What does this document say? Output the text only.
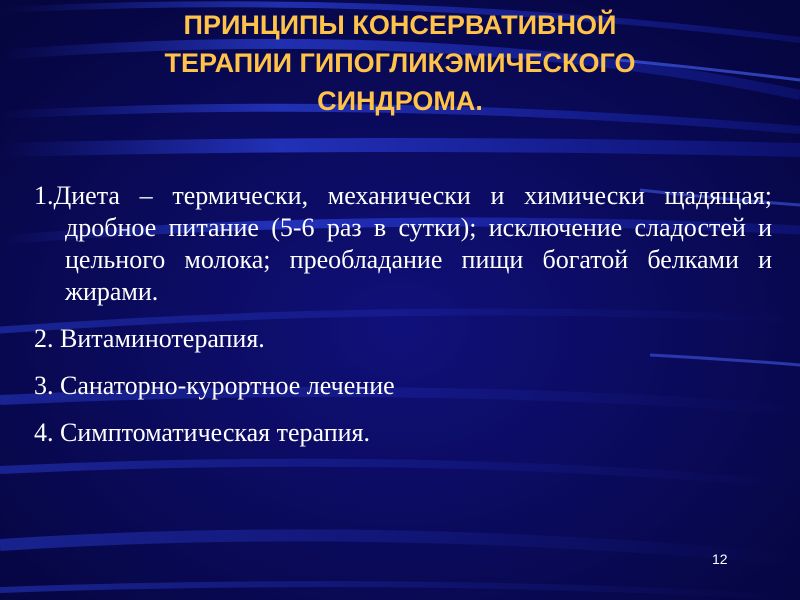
ПРИНЦИПЫ КОНСЕРВАТИВНОЙ
ТЕРАПИИ ГИПОГЛИКЭМИЧЕСКОГО
СИНДРОМА.
1.Диета – термически, механически и химически щадящая; дробное питание (5-6 раз в сутки); исключение сладостей и цельного молока; преобладание пищи богатой белками и жирами.
2. Витаминотерапия.
3. Санаторно-курортное лечение
4. Симптоматическая терапия.
12
